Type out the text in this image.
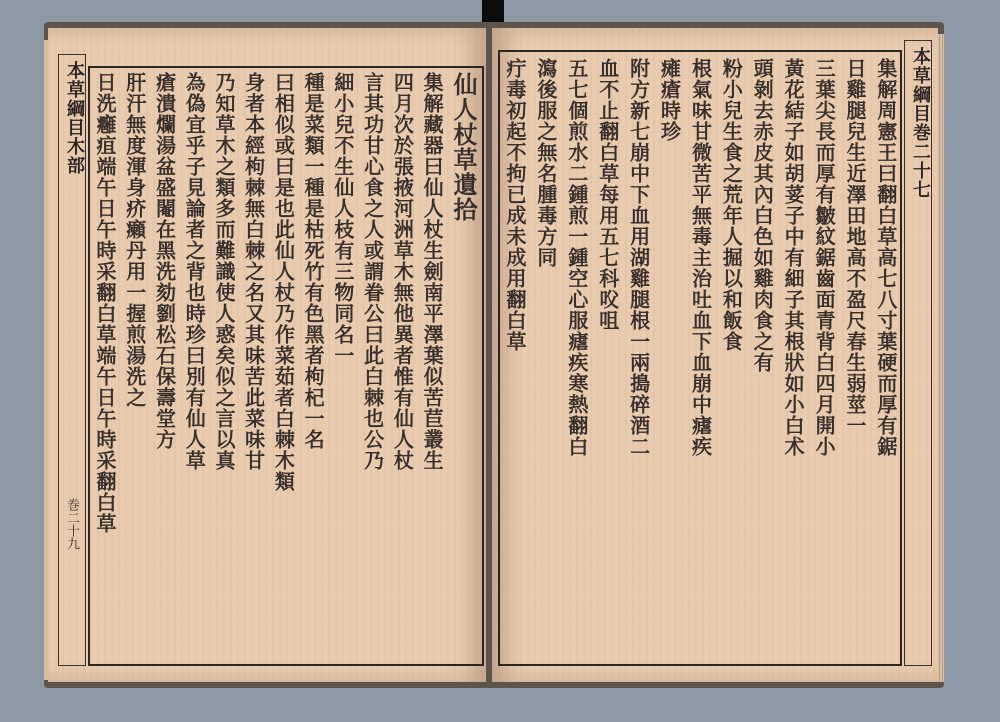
本草綱目木部	仙人杖草遺拾
集解藏器曰仙人杖生劍南平澤葉似苦苣叢生
四月次於張掖河洲草木無他異者惟有仙人杖
言其功甘心食之人或謂眷公曰此白棘也公乃
細小兒不生仙人枝有三物同名一
種是菜類一種是枯死竹有色黑者枸杞一名
曰相似或曰是也此仙人杖乃作菜茹者白棘木類
身者本經枸棘無白棘之名又其味苦此菜味甘
乃知草木之類多而難識使人惑矣似之言以真
為偽宜乎子見論者之背也時珍曰別有仙人草
瘡潰爛湯盆盛閹在黑洗劾劉松石保壽堂方
肝汗無度渾身疥癩丹用一握煎湯洗之
日洗癰疽端午日午時采翻白草端午日午時采翻白草
巻二十九
本草綱目巻二十七
集解周憲王曰翻白草高七八寸葉硬而厚有鋸
日雞腿兒生近澤田地高不盈尺春生弱莖一
三葉尖長而厚有皺紋鋸齒面青背白四月開小
黃花結子如胡荽子中有細子其根狀如小白术
頭剝去赤皮其內白色如雞肉食之有
粉小兒生食之荒年人掘以和飯食
根氣味甘微苦平無毒主治吐血下血崩中瘧疾
瘫瘡時珍
附方新七崩中下血用湖雞腿根一兩搗碎酒二
血不止翻白草每用五七科㕮咀
五七個煎水二鍾煎一鍾空心服瘧疾寒熱翻白
瀉後服之無名腫毒方同
疔毒初起不拘已成未成用翻白草
